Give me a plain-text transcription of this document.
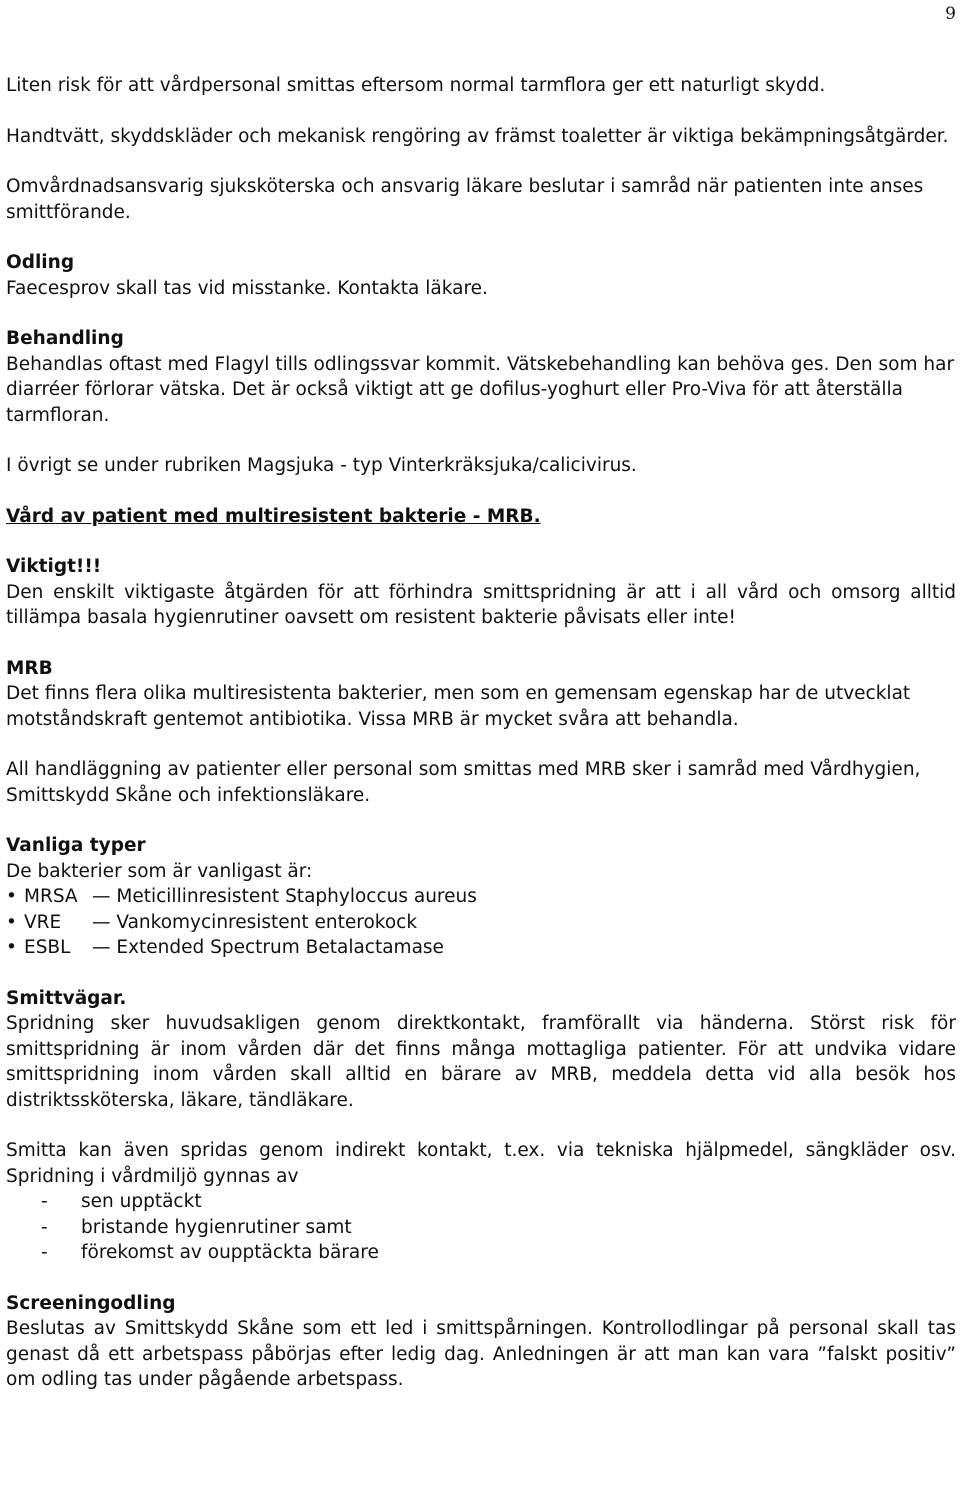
9

Liten risk för att vårdpersonal smittas eftersom normal tarmflora ger ett naturligt skydd.

Handtvätt, skyddskläder och mekanisk rengöring av främst toaletter är viktiga bekämpningsåtgärder.

Omvårdnadsansvarig sjuksköterska och ansvarig läkare beslutar i samråd när patienten inte anses smittförande.

Odling

Faecesprov skall tas vid misstanke. Kontakta läkare.

Behandling

Behandlas oftast med Flagyl tills odlingssvar kommit. Vätskebehandling kan behöva ges. Den som har diarréer förlorar vätska. Det är också viktigt att ge dofilus-yoghurt eller Pro-Viva för att återställa tarmfloran.

I övrigt se under rubriken Magsjuka - typ Vinterkräksjuka/calicivirus.

Vård av patient med multiresistent bakterie - MRB.

Viktigt!!!

Den enskilt viktigaste åtgärden för att förhindra smittspridning är att i all vård och omsorg alltid tillämpa basala hygienrutiner oavsett om resistent bakterie påvisats eller inte!

MRB

Det finns flera olika multiresistenta bakterier, men som en gemensam egenskap har de utvecklat motståndskraft gentemot antibiotika. Vissa MRB är mycket svåra att behandla.

All handläggning av patienter eller personal som smittas med MRB sker i samråd med Vårdhygien, Smittskydd Skåne och infektionsläkare.

Vanliga typer

De bakterier som är vanligast är:

• MRSA — Meticillinresistent Staphyloccus aureus
• VRE — Vankomycinresistent enterokock
• ESBL — Extended Spectrum Betalactamase

Smittvägar.

Spridning sker huvudsakligen genom direktkontakt, framförallt via händerna. Störst risk för smittspridning är inom vården där det finns många mottagliga patienter. För att undvika vidare smittspridning inom vården skall alltid en bärare av MRB, meddela detta vid alla besök hos distriktssköterska, läkare, tändläkare.

Smitta kan även spridas genom indirekt kontakt, t.ex. via tekniska hjälpmedel, sängkläder osv. Spridning i vårdmiljö gynnas av

- sen upptäckt
- bristande hygienrutiner samt
- förekomst av oupptäckta bärare

Screeningodling

Beslutas av Smittskydd Skåne som ett led i smittspårningen. Kontrollodlingar på personal skall tas genast då ett arbetspass påbörjas efter ledig dag. Anledningen är att man kan vara ”falskt positiv” om odling tas under pågående arbetspass.
